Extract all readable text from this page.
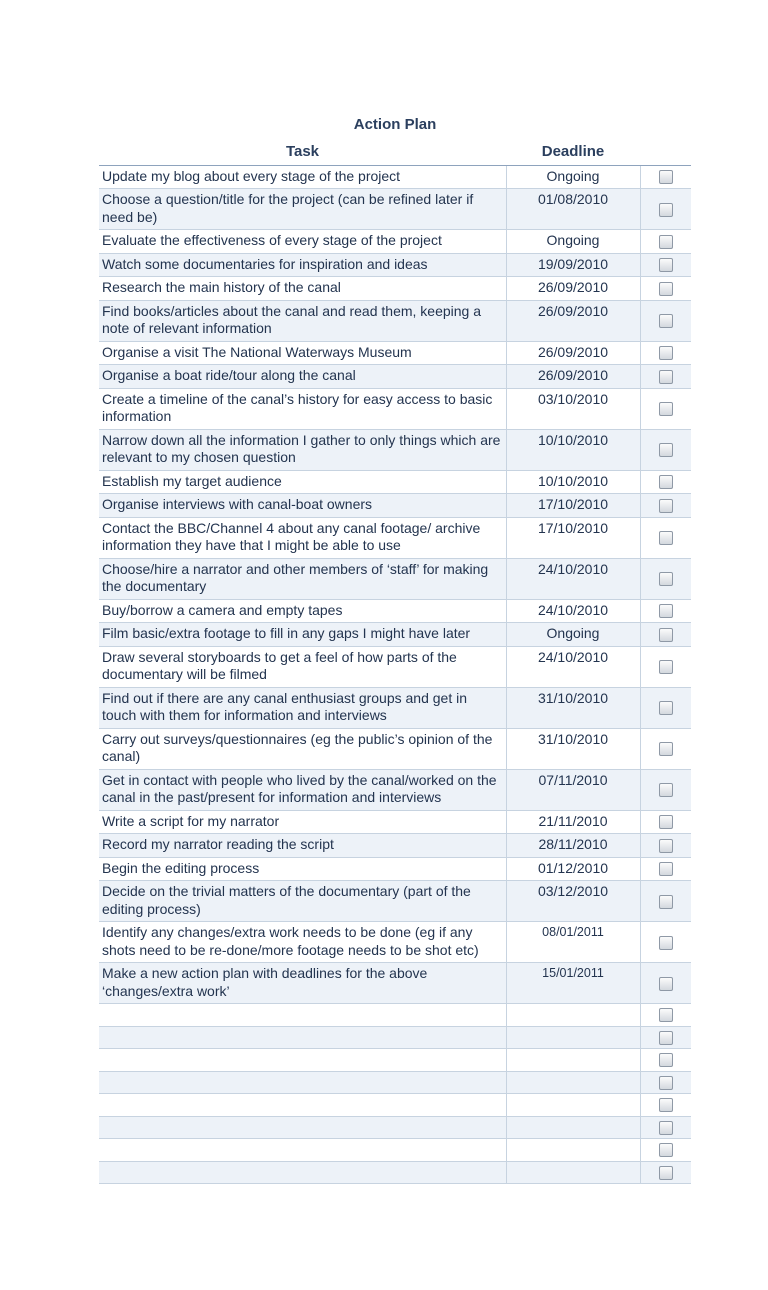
Action Plan
Task	Deadline	
Update my blog about every stage of the project	Ongoing	
Choose a question/title for the project (can be refined later if need be)	01/08/2010	
Evaluate the effectiveness of every stage of the project	Ongoing	
Watch some documentaries for inspiration and ideas	19/09/2010	
Research the main history of the canal	26/09/2010	
Find books/articles about the canal and read them, keeping a note of relevant information	26/09/2010	
Organise a visit The National Waterways Museum	26/09/2010	
Organise a boat ride/tour along the canal	26/09/2010	
Create a timeline of the canal’s history for easy access to basic information	03/10/2010	
Narrow down all the information I gather to only things which are relevant to my chosen question	10/10/2010	
Establish my target audience	10/10/2010	
Organise interviews with canal-boat owners	17/10/2010	
Contact the BBC/Channel 4 about any canal footage/ archive information they have that I might be able to use	17/10/2010	
Choose/hire a narrator and other members of ‘staff’ for making the documentary	24/10/2010	
Buy/borrow a camera and empty tapes	24/10/2010	
Film basic/extra footage to fill in any gaps I might have later	Ongoing	
Draw several storyboards to get a feel of how parts of the documentary will be filmed	24/10/2010	
Find out if there are any canal enthusiast groups and get in touch with them for information and interviews	31/10/2010	
Carry out surveys/questionnaires (eg the public’s opinion of the canal)	31/10/2010	
Get in contact with people who lived by the canal/worked on the canal in the past/present for information and interviews	07/11/2010	
Write a script for my narrator	21/11/2010	
Record my narrator reading the script	28/11/2010	
Begin the editing process	01/12/2010	
Decide on the trivial matters of the documentary (part of the editing process)	03/12/2010	
Identify any changes/extra work needs to be done (eg if any shots need to be re-done/more footage needs to be shot etc)	08/01/2011	
Make a new action plan with deadlines for the above ‘changes/extra work’	15/01/2011	
